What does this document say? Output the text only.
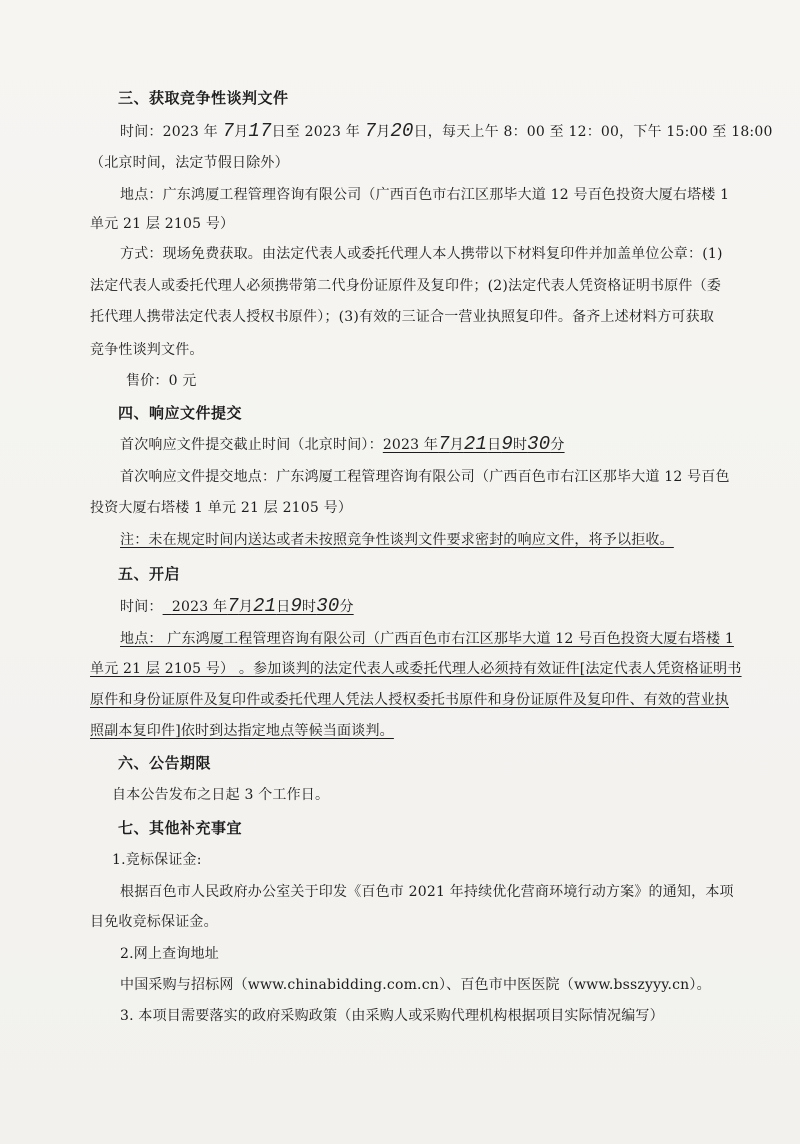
三、获取竞争性谈判文件
时间：2023 年 7月17日至 2023 年 7月20日，每天上午 8：00 至 12：00，下午 15:00 至 18:00
（北京时间，法定节假日除外）
地点：广东鸿厦工程管理咨询有限公司（广西百色市右江区那毕大道 12 号百色投资大厦右塔楼 1
单元 21 层 2105 号）
方式：现场免费获取。由法定代表人或委托代理人本人携带以下材料复印件并加盖单位公章：(1)
法定代表人或委托代理人必须携带第二代身份证原件及复印件；(2)法定代表人凭资格证明书原件（委
托代理人携带法定代表人授权书原件）；(3)有效的三证合一营业执照复印件。备齐上述材料方可获取
竞争性谈判文件。
售价：0 元
四、响应文件提交
首次响应文件提交截止时间（北京时间）：2023 年7月21日9时30分
首次响应文件提交地点：广东鸿厦工程管理咨询有限公司（广西百色市右江区那毕大道 12 号百色
投资大厦右塔楼 1 单元 21 层 2105 号）
注：未在规定时间内送达或者未按照竞争性谈判文件要求密封的响应文件，将予以拒收。
五、开启
时间： 2023 年7月21日9时30分
地点： 广东鸿厦工程管理咨询有限公司（广西百色市右江区那毕大道 12 号百色投资大厦右塔楼 1
单元 21 层 2105 号） 。参加谈判的法定代表人或委托代理人必须持有效证件[法定代表人凭资格证明书
原件和身份证原件及复印件或委托代理人凭法人授权委托书原件和身份证原件及复印件、有效的营业执
照副本复印件]依时到达指定地点等候当面谈判。
六、公告期限
自本公告发布之日起 3 个工作日。
七、其他补充事宜
1.竞标保证金:
根据百色市人民政府办公室关于印发《百色市 2021 年持续优化营商环境行动方案》的通知，本项
目免收竞标保证金。
2.网上查询地址
中国采购与招标网（www.chinabidding.com.cn）、百色市中医医院（www.bsszyyy.cn）。
3. 本项目需要落实的政府采购政策（由采购人或采购代理机构根据项目实际情况编写）
